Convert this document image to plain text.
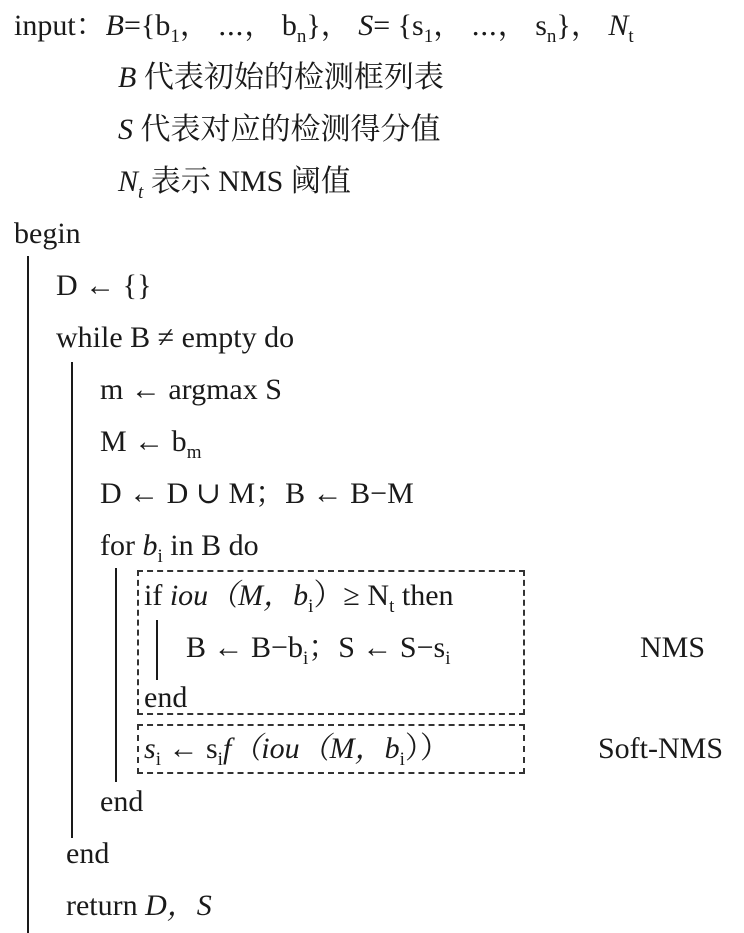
input：$B=\{b_1$， ⋯， $b_n$}， $S= \{s_1$， ⋯， $s_n$}， $N_t$
B 代表初始的检测框列表
S 代表对应的检测得分值
$N_t$ 表示 NMS 阈值
begin
D ← {}
while B ≠ empty do
m ← argmax S
M ← $b_m$
D ← D ∪ M；B ← B−M
for $b_i$ in B do
if iou（M，$b_i)\ge N_t$ then
B ← $B-b_i$；S ← $S-s_i$
end
NMS
$s_i$ ← $s_if(iou(M$，$b_i$））	Soft-NMS
end
end
return D，S
